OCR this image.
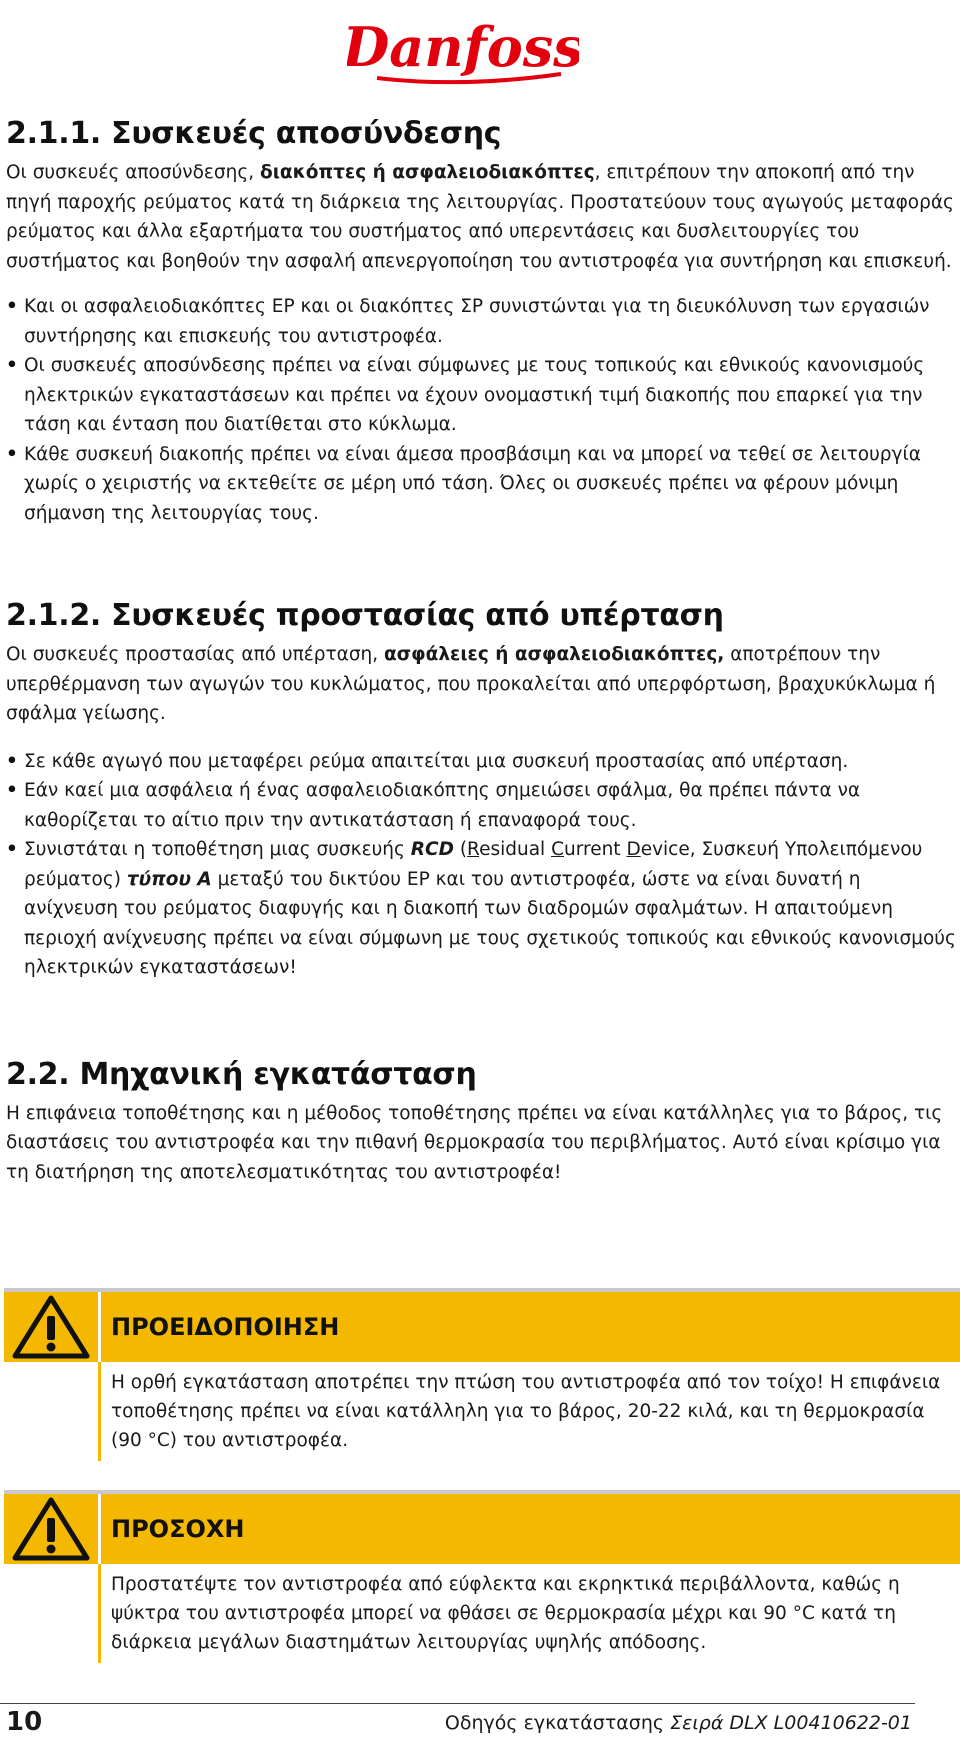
Danfoss
2.1.1. Συσκευές αποσύνδεσης

Οι συσκευές αποσύνδεσης, διακόπτες ή ασφαλειοδιακόπτες, επιτρέπουν την αποκοπή από την πηγή παροχής ρεύματος κατά τη διάρκεια της λειτουργίας. Προστατεύουν τους αγωγούς μεταφοράς ρεύματος και άλλα εξαρτήματα του συστήματος από υπερεντάσεις και δυσλειτουργίες του συστήματος και βοηθούν την ασφαλή απενεργοποίηση του αντιστροφέα για συντήρηση και επισκευή.

• Και οι ασφαλειοδιακόπτες ΕΡ και οι διακόπτες ΣΡ συνιστώνται για τη διευκόλυνση των εργασιών συντήρησης και επισκευής του αντιστροφέα.
• Οι συσκευές αποσύνδεσης πρέπει να είναι σύμφωνες με τους τοπικούς και εθνικούς κανονισμούς ηλεκτρικών εγκαταστάσεων και πρέπει να έχουν ονομαστική τιμή διακοπής που επαρκεί για την τάση και ένταση που διατίθεται στο κύκλωμα.
• Κάθε συσκευή διακοπής πρέπει να είναι άμεσα προσβάσιμη και να μπορεί να τεθεί σε λειτουργία χωρίς ο χειριστής να εκτεθείτε σε μέρη υπό τάση. Όλες οι συσκευές πρέπει να φέρουν μόνιμη σήμανση της λειτουργίας τους.
2.1.2. Συσκευές προστασίας από υπέρταση

Οι συσκευές προστασίας από υπέρταση, ασφάλειες ή ασφαλειοδιακόπτες, αποτρέπουν την υπερθέρμανση των αγωγών του κυκλώματος, που προκαλείται από υπερφόρτωση, βραχυκύκλωμα ή σφάλμα γείωσης.

• Σε κάθε αγωγό που μεταφέρει ρεύμα απαιτείται μια συσκευή προστασίας από υπέρταση.
• Εάν καεί μια ασφάλεια ή ένας ασφαλειοδιακόπτης σημειώσει σφάλμα, θα πρέπει πάντα να καθορίζεται το αίτιο πριν την αντικατάσταση ή επαναφορά τους.
• Συνιστάται η τοποθέτηση μιας συσκευής RCD (Residual Current Device, Συσκευή Υπολειπόμενου ρεύματος) τύπου Α μεταξύ του δικτύου ΕΡ και του αντιστροφέα, ώστε να είναι δυνατή η ανίχνευση του ρεύματος διαφυγής και η διακοπή των διαδρομών σφαλμάτων. Η απαιτούμενη περιοχή ανίχνευσης πρέπει να είναι σύμφωνη με τους σχετικούς τοπικούς και εθνικούς κανονισμούς ηλεκτρικών εγκαταστάσεων!
2.2. Μηχανική εγκατάσταση

Η επιφάνεια τοποθέτησης και η μέθοδος τοποθέτησης πρέπει να είναι κατάλληλες για το βάρος, τις διαστάσεις του αντιστροφέα και την πιθανή θερμοκρασία του περιβλήματος. Αυτό είναι κρίσιμο για τη διατήρηση της αποτελεσματικότητας του αντιστροφέα!

ΠΡΟΕΙΔΟΠΟΙΗΣΗ
Η ορθή εγκατάσταση αποτρέπει την πτώση του αντιστροφέα από τον τοίχο! Η επιφάνεια τοποθέτησης πρέπει να είναι κατάλληλη για το βάρος, 20-22 κιλά, και τη θερμοκρασία (90 °C) του αντιστροφέα.
ΠΡΟΣΟΧΗ
Προστατέψτε τον αντιστροφέα από εύφλεκτα και εκρηκτικά περιβάλλοντα, καθώς η ψύκτρα του αντιστροφέα μπορεί να φθάσει σε θερμοκρασία μέχρι και 90 °C κατά τη διάρκεια μεγάλων διαστημάτων λειτουργίας υψηλής απόδοσης.
10	Οδηγός εγκατάστασης Σειρά DLX L00410622-01
